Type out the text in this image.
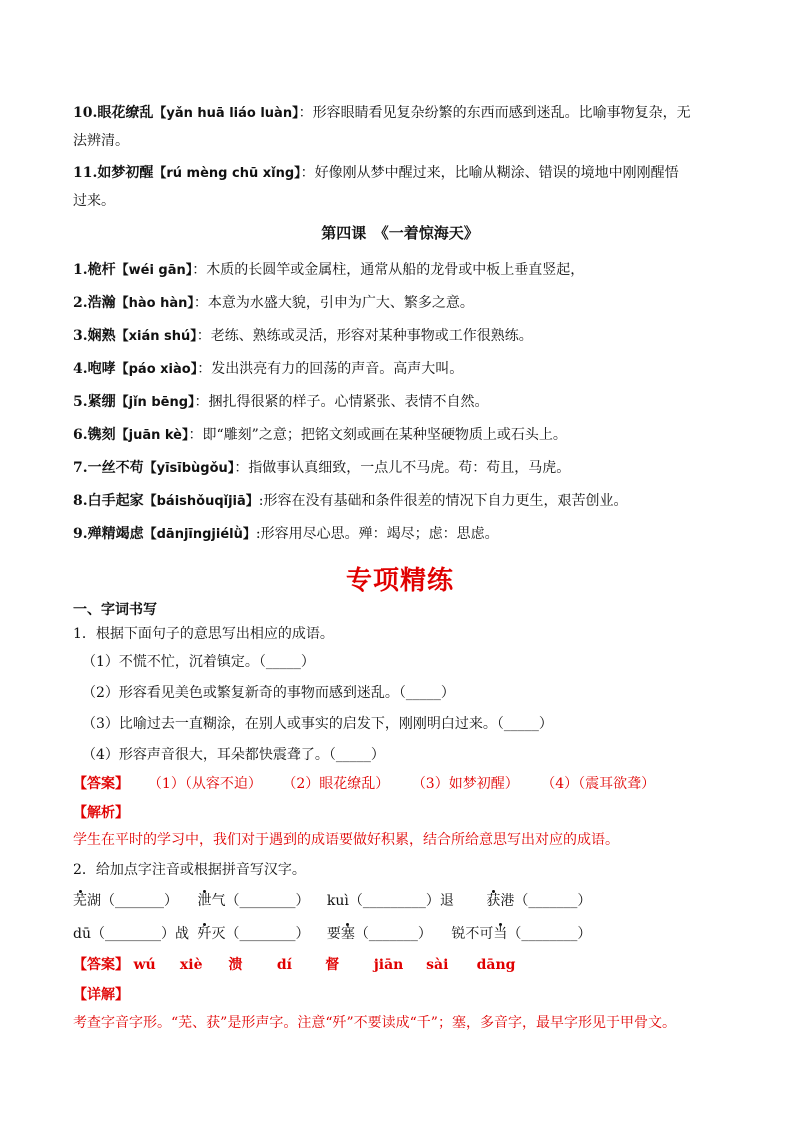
10.眼花缭乱【yǎn huā liáo luàn】：形容眼睛看见复杂纷繁的东西而感到迷乱。比喻事物复杂，无
法辨清。
11.如梦初醒【rú mèng chū xǐng】：好像刚从梦中醒过来，比喻从糊涂、错误的境地中刚刚醒悟
过来。
第四课　《一着惊海天》
1.桅杆【wéi gān】：木质的长圆竿或金属柱，通常从船的龙骨或中板上垂直竖起，
2.浩瀚【hào hàn】：本意为水盛大貌，引申为广大、繁多之意。
3.娴熟【xián shú】：老练、熟练或灵活，形容对某种事物或工作很熟练。
4.咆哮【páo xiào】：发出洪亮有力的回荡的声音。高声大叫。
5.紧绷【jǐn bēng】：捆扎得很紧的样子。心情紧张、表情不自然。
6.镌刻【juān kè】：即“雕刻”之意；把铭文刻或画在某种坚硬物质上或石头上。
7.一丝不苟【yīsībùgǒu】：指做事认真细致，一点儿不马虎。苟：苟且，马虎。
8.白手起家【báishǒuqǐjiā】:形容在没有基础和条件很差的情况下自力更生，艰苦创业。
9.殚精竭虑【dānjīngjiélǜ】:形容用尽心思。殚：竭尽；虑：思虑。
专项精练
一、字词书写
1．根据下面句子的意思写出相应的成语。
（1）不慌不忙，沉着镇定。（_____）
（2）形容看见美色或繁复新奇的事物而感到迷乱。（_____）
（3）比喻过去一直糊涂，在别人或事实的启发下，刚刚明白过来。（_____）
（4）形容声音很大，耳朵都快震聋了。（_____）
【答案】 （1）（从容不迫） （2）眼花缭乱） （3）如梦初醒） （4）（震耳欲聋）
【解析】
学生在平时的学习中，我们对于遇到的成语要做好积累，结合所给意思写出对应的成语。
2．给加点字注音或根据拼音写汉字。
芜湖（_______） 泄气（________） kuì（_________）退 获港（_______）
dū（________）战 歼灭（________） 要塞（_______） 锐不可当（________）
【答案】 wú xiè 溃 dí 督 jiān sài dāng
【详解】
考查字音字形。“芜、获”是形声字。注意“歼”不要读成“千”；塞，多音字，最早字形见于甲骨文。
